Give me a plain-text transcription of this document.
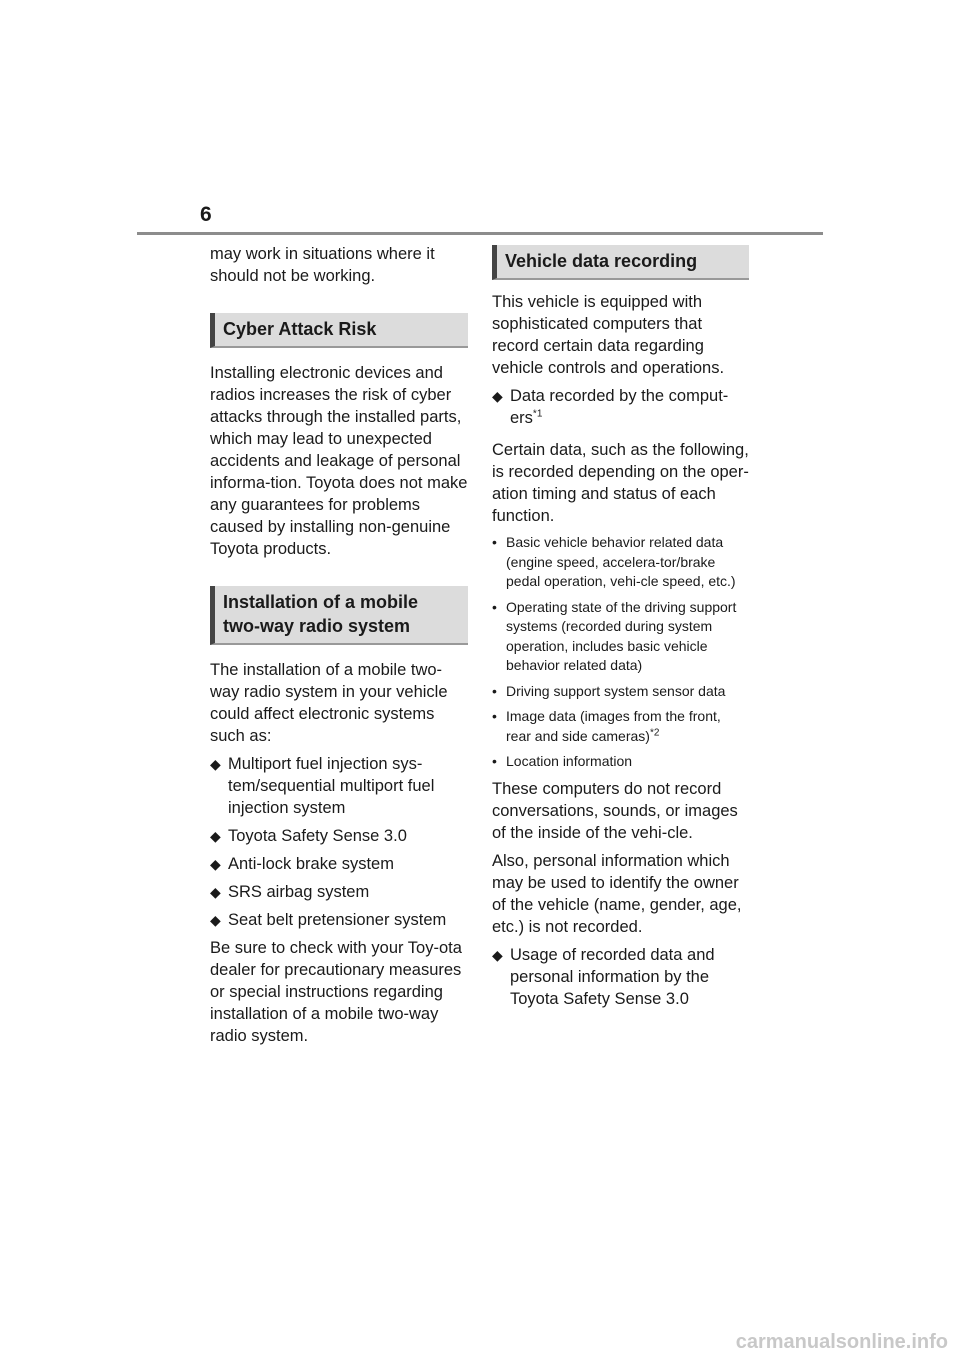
6

may work in situations where it should not be working.

Cyber Attack Risk

Installing electronic devices and radios increases the risk of cyber attacks through the installed parts, which may lead to unexpected accidents and leakage of personal informa-tion. Toyota does not make any guarantees for problems caused by installing non-genuine Toyota products.

Installation of a mobile
two-way radio system

The installation of a mobile two-way radio system in your vehicle could affect electronic systems such as:

◆ Multiport fuel injection sys-tem/sequential multiport fuel injection system
◆ Toyota Safety Sense 3.0
◆ Anti-lock brake system
◆ SRS airbag system
◆ Seat belt pretensioner system

Be sure to check with your Toy-ota dealer for precautionary measures or special instructions regarding installation of a mobile two-way radio system.

Vehicle data recording

This vehicle is equipped with sophisticated computers that record certain data regarding vehicle controls and operations.

◆ Data recorded by the comput-ers$^{*1}$

Certain data, such as the following, is recorded depending on the oper-ation timing and status of each function.

• Basic vehicle behavior related data (engine speed, accelera-tor/brake pedal operation, vehi-cle speed, etc.)
• Operating state of the driving support systems (recorded during system operation, includes basic vehicle behavior related data)
• Driving support system sensor data
• Image data (images from the front, rear and side cameras)$^{*2}$
• Location information

These computers do not record conversations, sounds, or images of the inside of the vehi-cle.

Also, personal information which may be used to identify the owner of the vehicle (name, gender, age, etc.) is not recorded.

◆ Usage of recorded data and personal information by the Toyota Safety Sense 3.0
carmanualsonline.info
